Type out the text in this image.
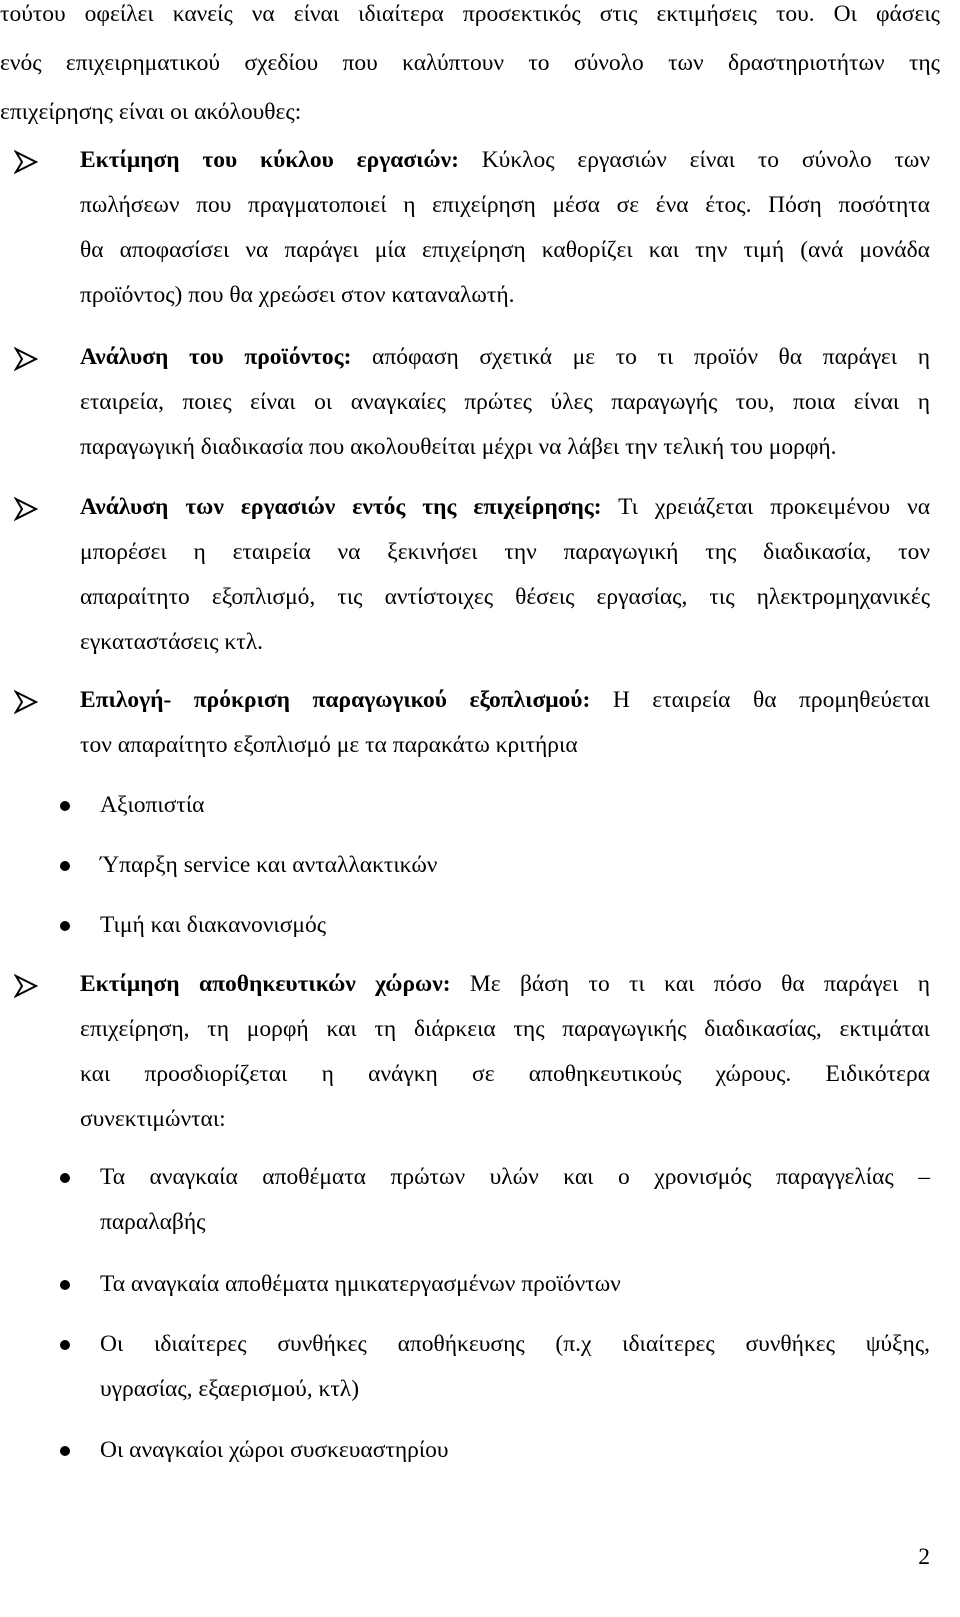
τούτου οφείλει κανείς να είναι ιδιαίτερα προσεκτικός στις εκτιμήσεις του. Οι φάσεις
ενός επιχειρηματικού σχεδίου που καλύπτουν το σύνολο των δραστηριοτήτων της
επιχείρησης είναι οι ακόλουθες:
Εκτίμηση του κύκλου εργασιών: Κύκλος εργασιών είναι το σύνολο των
πωλήσεων που πραγματοποιεί η επιχείρηση μέσα σε ένα έτος. Πόση ποσότητα
θα αποφασίσει να παράγει μία επιχείρηση καθορίζει και την τιμή (ανά μονάδα
προϊόντος) που θα χρεώσει στον καταναλωτή.
Ανάλυση του προϊόντος: απόφαση σχετικά με το τι προϊόν θα παράγει η
εταιρεία, ποιες είναι οι αναγκαίες πρώτες ύλες παραγωγής του, ποια είναι η
παραγωγική διαδικασία που ακολουθείται μέχρι να λάβει την τελική του μορφή.
Ανάλυση των εργασιών εντός της επιχείρησης: Τι χρειάζεται προκειμένου να
μπορέσει η εταιρεία να ξεκινήσει την παραγωγική της διαδικασία, τον
απαραίτητο εξοπλισμό, τις αντίστοιχες θέσεις εργασίας, τις ηλεκτρομηχανικές
εγκαταστάσεις κτλ.
Επιλογή- πρόκριση παραγωγικού εξοπλισμού: Η εταιρεία θα προμηθεύεται
τον απαραίτητο εξοπλισμό με τα παρακάτω κριτήρια
Αξιοπιστία
Ύπαρξη service και ανταλλακτικών
Τιμή και διακανονισμός
Εκτίμηση αποθηκευτικών χώρων: Με βάση το τι και πόσο θα παράγει η
επιχείρηση, τη μορφή και τη διάρκεια της παραγωγικής διαδικασίας, εκτιμάται
και προσδιορίζεται η ανάγκη σε αποθηκευτικούς χώρους. Ειδικότερα
συνεκτιμώνται:
Τα αναγκαία αποθέματα πρώτων υλών και ο χρονισμός παραγγελίας –
παραλαβής
Τα αναγκαία αποθέματα ημικατεργασμένων προϊόντων
Οι ιδιαίτερες συνθήκες αποθήκευσης (π.χ ιδιαίτερες συνθήκες ψύξης,
υγρασίας, εξαερισμού, κτλ)
Οι αναγκαίοι χώροι συσκευαστηρίου
2
